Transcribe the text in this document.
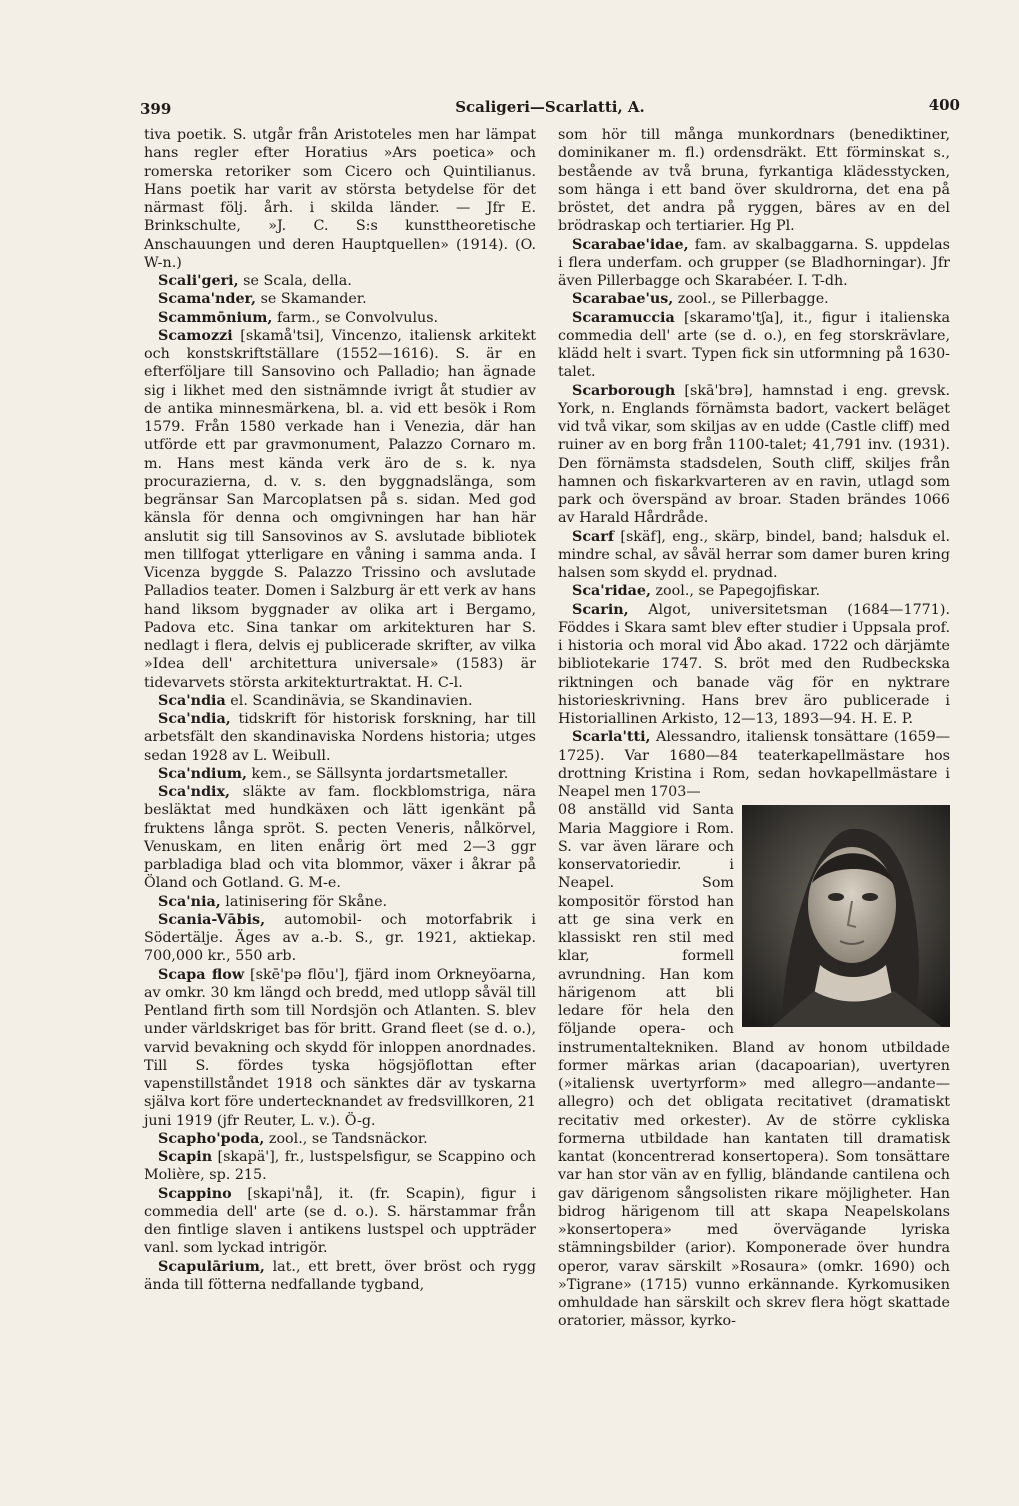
399	Scaligeri—Scarlatti, A.	400

tiva poetik. S. utgår från Aristoteles men har lämpat hans regler efter Horatius »Ars poetica» och romerska retoriker som Cicero och Quintilianus. Hans poetik har varit av största betydelse för det närmast följ. årh. i skilda länder. — Jfr E. Brinkschulte, »J. C. S:s kunsttheoretische Anschauungen und deren Hauptquellen» (1914). (O. W-n.)

Scali'geri, se Scala, della.

Scama'nder, se Skamander.

Scammōnium, farm., se Convolvulus.

Scamozzi [skamå'tsi], Vincenzo, italiensk arkitekt och konstskriftställare (1552—1616). S. är en efterföljare till Sansovino och Palladio; han ägnade sig i likhet med den sistnämnde ivrigt åt studier av de antika minnesmärkena, bl. a. vid ett besök i Rom 1579. Från 1580 verkade han i Venezia, där han utförde ett par gravmonument, Palazzo Cornaro m. m. Hans mest kända verk äro de s. k. nya procurazierna, d. v. s. den byggnadslänga, som begränsar San Marcoplatsen på s. sidan. Med god känsla för denna och omgivningen har han här anslutit sig till Sansovinos av S. avslutade bibliotek men tillfogat ytterligare en våning i samma anda. I Vicenza byggde S. Palazzo Trissino och avslutade Palladios teater. Domen i Salzburg är ett verk av hans hand liksom byggnader av olika art i Bergamo, Padova etc. Sina tankar om arkitekturen har S. nedlagt i flera, delvis ej publicerade skrifter, av vilka »Idea dell' architettura universale» (1583) är tidevarvets största arkitekturtraktat. H. C-l.

Sca'ndia el. Scandinävia, se Skandinavien.

Sca'ndia, tidskrift för historisk forskning, har till arbetsfält den skandinaviska Nordens historia; utges sedan 1928 av L. Weibull.

Sca'ndium, kem., se Sällsynta jordartsmetaller.

Sca'ndix, släkte av fam. flockblomstriga, nära besläktat med hundkäxen och lätt igenkänt på fruktens långa spröt. S. pecten Veneris, nålkörvel, Venuskam, en liten enårig ört med 2—3 ggr parbladiga blad och vita blommor, växer i åkrar på Öland och Gotland. G. M-e.

Sca'nia, latinisering för Skåne.

Scania-Vābis, automobil- och motorfabrik i Södertälje. Äges av a.-b. S., gr. 1921, aktiekap. 700,000 kr., 550 arb.

Scapa flow [skē'pə flōu'], fjärd inom Orkneyöarna, av omkr. 30 km längd och bredd, med utlopp såväl till Pentland firth som till Nordsjön och Atlanten. S. blev under världskriget bas för britt. Grand fleet (se d. o.), varvid bevakning och skydd för inloppen anordnades. Till S. fördes tyska högsjöflottan efter vapenstillståndet 1918 och sänktes där av tyskarna själva kort före undertecknandet av fredsvillkoren, 21 juni 1919 (jfr Reuter, L. v.). Ö-g.

Scapho'poda, zool., se Tandsnäckor.

Scapin [skapä'], fr., lustspelsfigur, se Scappino och Molière, sp. 215.

Scappino [skapi'nå], it. (fr. Scapin), figur i commedia dell' arte (se d. o.). S. härstammar från den fintlige slaven i antikens lustspel och uppträder vanl. som lyckad intrigör.

Scapulārium, lat., ett brett, över bröst och rygg ända till fötterna nedfallande tygband,

som hör till många munkordnars (benediktiner, dominikaner m. fl.) ordensdräkt. Ett förminskat s., bestående av två bruna, fyrkantiga klädesstycken, som hänga i ett band över skuldrorna, det ena på bröstet, det andra på ryggen, bäres av en del brödraskap och tertiarier. Hg Pl.

Scarabae'idae, fam. av skalbaggarna. S. uppdelas i flera underfam. och grupper (se Bladhorningar). Jfr även Pillerbagge och Skarabéer. I. T-dh.

Scarabae'us, zool., se Pillerbagge.

Scaramuccia [skaramo'tʃa], it., figur i italienska commedia dell' arte (se d. o.), en feg storskrävlare, klädd helt i svart. Typen fick sin utformning på 1630-talet.

Scarborough [skā'brə], hamnstad i eng. grevsk. York, n. Englands förnämsta badort, vackert beläget vid två vikar, som skiljas av en udde (Castle cliff) med ruiner av en borg från 1100-talet; 41,791 inv. (1931). Den förnämsta stadsdelen, South cliff, skiljes från hamnen och fiskarkvarteren av en ravin, utlagd som park och överspänd av broar. Staden brändes 1066 av Harald Hårdråde.

Scarf [skäf], eng., skärp, bindel, band; halsduk el. mindre schal, av såväl herrar som damer buren kring halsen som skydd el. prydnad.

Sca'ridae, zool., se Papegojfiskar.

Scarin, Algot, universitetsman (1684—1771). Föddes i Skara samt blev efter studier i Uppsala prof. i historia och moral vid Åbo akad. 1722 och därjämte bibliotekarie 1747. S. bröt med den Rudbeckska riktningen och banade väg för en nyktrare historieskrivning. Hans brev äro publicerade i Historiallinen Arkisto, 12—13, 1893—94. H. E. P.

Scarla'tti, Alessandro, italiensk tonsättare (1659—1725). Var 1680—84 teaterkapellmästare hos drottning Kristina i Rom, sedan hovkapellmästare i Neapel men 1703—

08 anställd vid Santa Maria Maggiore i Rom. S. var även lärare och konservatoriedir. i Neapel. Som kompositör förstod han att ge sina verk en klassiskt ren stil med klar, formell avrundning. Han kom härigenom att bli ledare för hela den följande opera- och instrumentaltekniken. Bland av honom utbildade former märkas arian (dacapoarian), uvertyren (»italiensk uvertyrform» med allegro—andante—allegro) och det obligata recitativet (dramatiskt recitativ med orkester). Av de större cykliska formerna utbildade han kantaten till dramatisk kantat (koncentrerad konsertopera). Som tonsättare var han stor vän av en fyllig, bländande cantilena och gav därigenom sångsolisten rikare möjligheter. Han bidrog härigenom till att skapa Neapelskolans »konsertopera» med övervägande lyriska stämningsbilder (arior). Komponerade över hundra operor, varav särskilt »Rosaura» (omkr. 1690) och »Tigrane» (1715) vunno erkännande. Kyrkomusiken omhuldade han särskilt och skrev flera högt skattade oratorier, mässor, kyrko-
